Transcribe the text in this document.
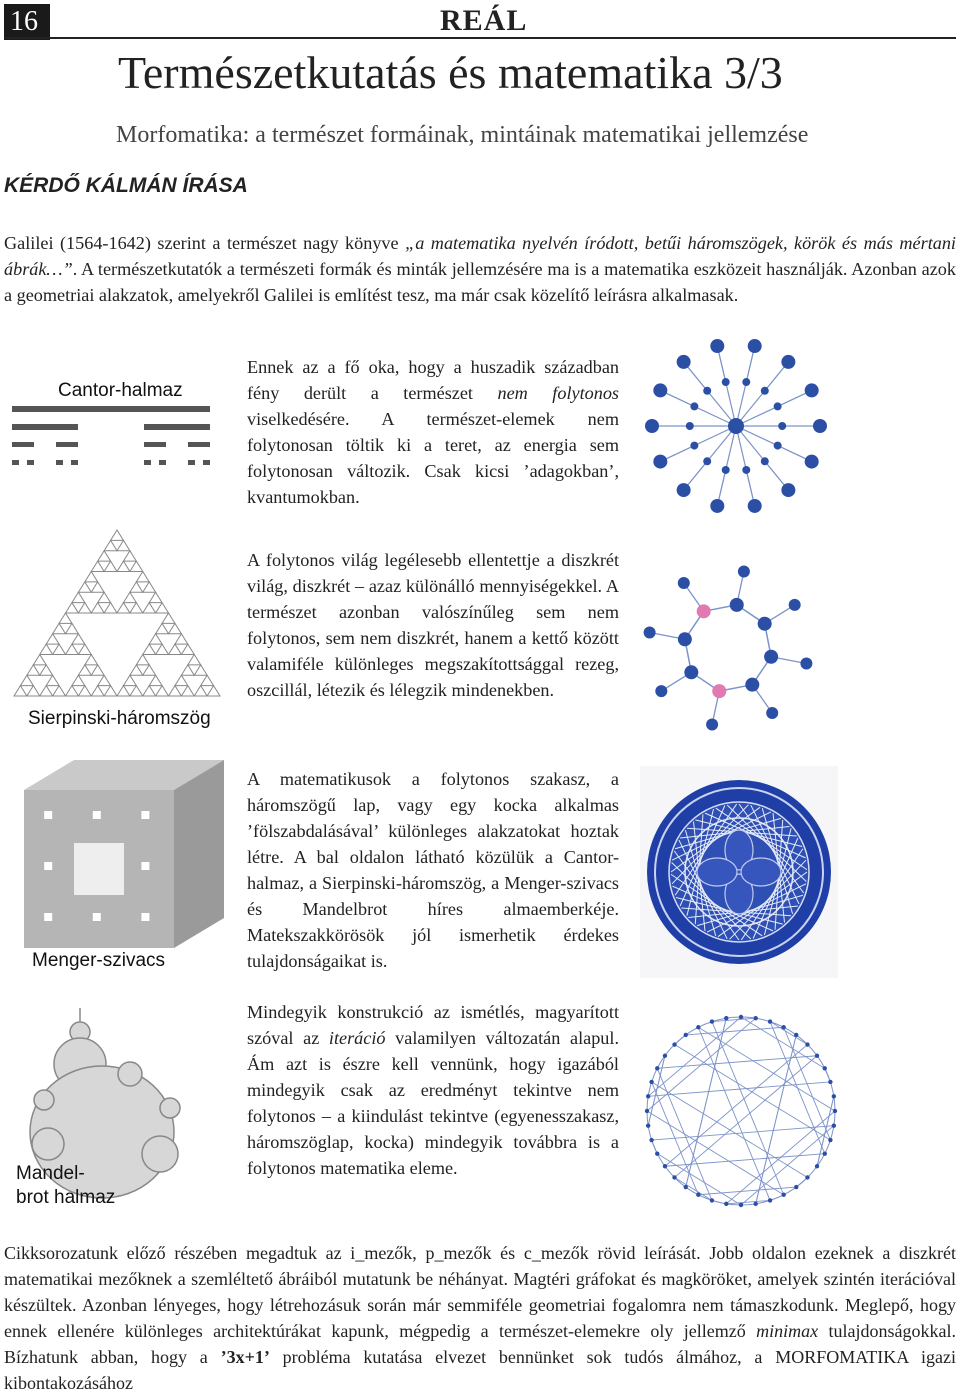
16	REÁL
Természetkutatás és matematika 3/3
Morfomatika: a természet formáinak, mintáinak matematikai jellemzése
KÉRDŐ KÁLMÁN ÍRÁSA

Galilei (1564-1642) szerint a természet nagy könyve „a matematika nyelvén íródott, betűi háromszögek, körök és más mértani ábrák…”. A természetkutatók a természeti formák és minták jellemzésére ma is a matematika eszközeit használják. Azonban azok a geometriai alakzatok, amelyekről Galilei is említést tesz, ma már csak közelítő leírásra alkalmasak.

Cantor-halmaz
Sierpinski-háromszög
Menger-szivacs
Mandel-
brot halmaz

Ennek az a fő oka, hogy a huszadik században fény derült a természet nem folytonos viselkedésére. A természet-elemek nem folytonosan töltik ki a teret, az energia sem folytonosan változik. Csak kicsi ’adagokban’, kvantumokban.

A folytonos világ legélesebb ellentettje a diszkrét világ, diszkrét – azaz különálló mennyiségekkel. A természet azonban valószínűleg sem nem folytonos, sem nem diszkrét, hanem a kettő között valamiféle különleges megszakítottsággal rezeg, oszcillál, létezik és lélegzik mindenekben.

A matematikusok a folytonos szakasz, a háromszögű lap, vagy egy kocka alkalmas ’fölszabdalásával’ különleges alakzatokat hoztak létre. A bal oldalon látható közülük a Cantor-halmaz, a Sierpinski-háromszög, a Menger-szivacs és Mandelbrot híres almaemberkéje. Matekszakkörösök jól ismerhetik érdekes tulajdonságaikat is.

Mindegyik konstrukció az ismétlés, magyarított szóval az iteráció valamilyen változatán alapul. Ám azt is észre kell vennünk, hogy igazából mindegyik csak az eredményt tekintve nem folytonos – a kiindulást tekintve (egyenesszakasz, háromszöglap, kocka) mindegyik továbbra is a folytonos matematika eleme.

Cikksorozatunk előző részében megadtuk az i_mezők, p_mezők és c_mezők rövid leírását. Jobb oldalon ezeknek a diszkrét matematikai mezőknek a szemléltető ábráiból mutatunk be néhányat. Magtéri gráfokat és magköröket, amelyek szintén iterációval készültek. Azonban lényeges, hogy létrehozásuk során már semmiféle geometriai fogalomra nem támaszkodunk. Meglepő, hogy ennek ellenére különleges architektúrákat kapunk, mégpedig a természet-elemekre oly jellemző minimax tulajdonságokkal. Bízhatunk abban, hogy a ’3x+1’ probléma kutatása elvezet bennünket sok tudós álmához, a MORFOMATIKA igazi kibontakozásához
